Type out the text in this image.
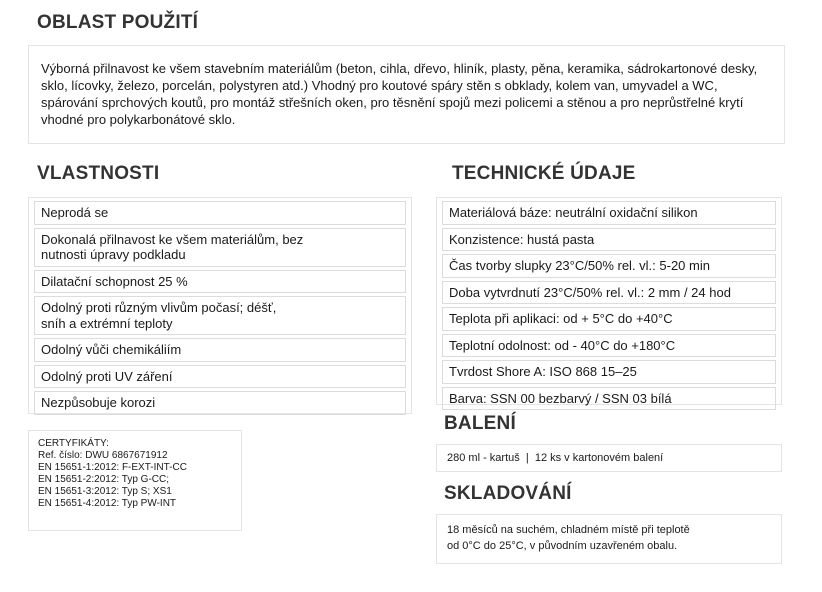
OBLAST POUŽITÍ
Výborná přilnavost ke všem stavebním materiálům (beton, cihla, dřevo, hliník, plasty, pěna, keramika, sádrokartonové desky, sklo, lícovky, železo, porcelán, polystyren atd.) Vhodný pro koutové spáry stěn s obklady, kolem van, umyvadel a WC, spárování sprchových koutů, pro montáž střešních oken, pro těsnění spojů mezi policemi a stěnou a pro neprůstřelné krytí vhodné pro polykarbonátové sklo.
VLASTNOSTI
Neprodá se
Dokonalá přilnavost ke všem materiálům, bez
nutnosti úpravy podkladu
Dilatační schopnost 25 %
Odolný proti různým vlivům počasí; déšť,
sníh a extrémní teploty
Odolný vůči chemikáliím
Odolný proti UV záření
Nezpůsobuje korozi
CERTYFIKÁTY:
Ref. číslo: DWU 6867671912
EN 15651-1:2012: F-EXT-INT-CC
EN 15651-2:2012: Typ G-CC;
EN 15651-3:2012: Typ S; XS1
EN 15651-4:2012: Typ PW-INT
TECHNICKÉ ÚDAJE
Materiálová báze: neutrální oxidační silikon
Konzistence: hustá pasta
Čas tvorby slupky 23°C/50% rel. vl.: 5-20 min
Doba vytvrdnutí 23°C/50% rel. vl.: 2 mm / 24 hod
Teplota při aplikaci: od + 5°C do +40°C
Teplotní odolnost: od - 40°C do +180°C
Tvrdost Shore A: ISO 868 15–25
Barva: SSN 00 bezbarvý / SSN 03 bílá
BALENÍ
280 ml - kartuš  |  12 ks v kartonovém balení
SKLADOVÁNÍ
18 měsíců na suchém, chladném místě při teplotě
od 0°C do 25°C, v původním uzavřeném obalu.
